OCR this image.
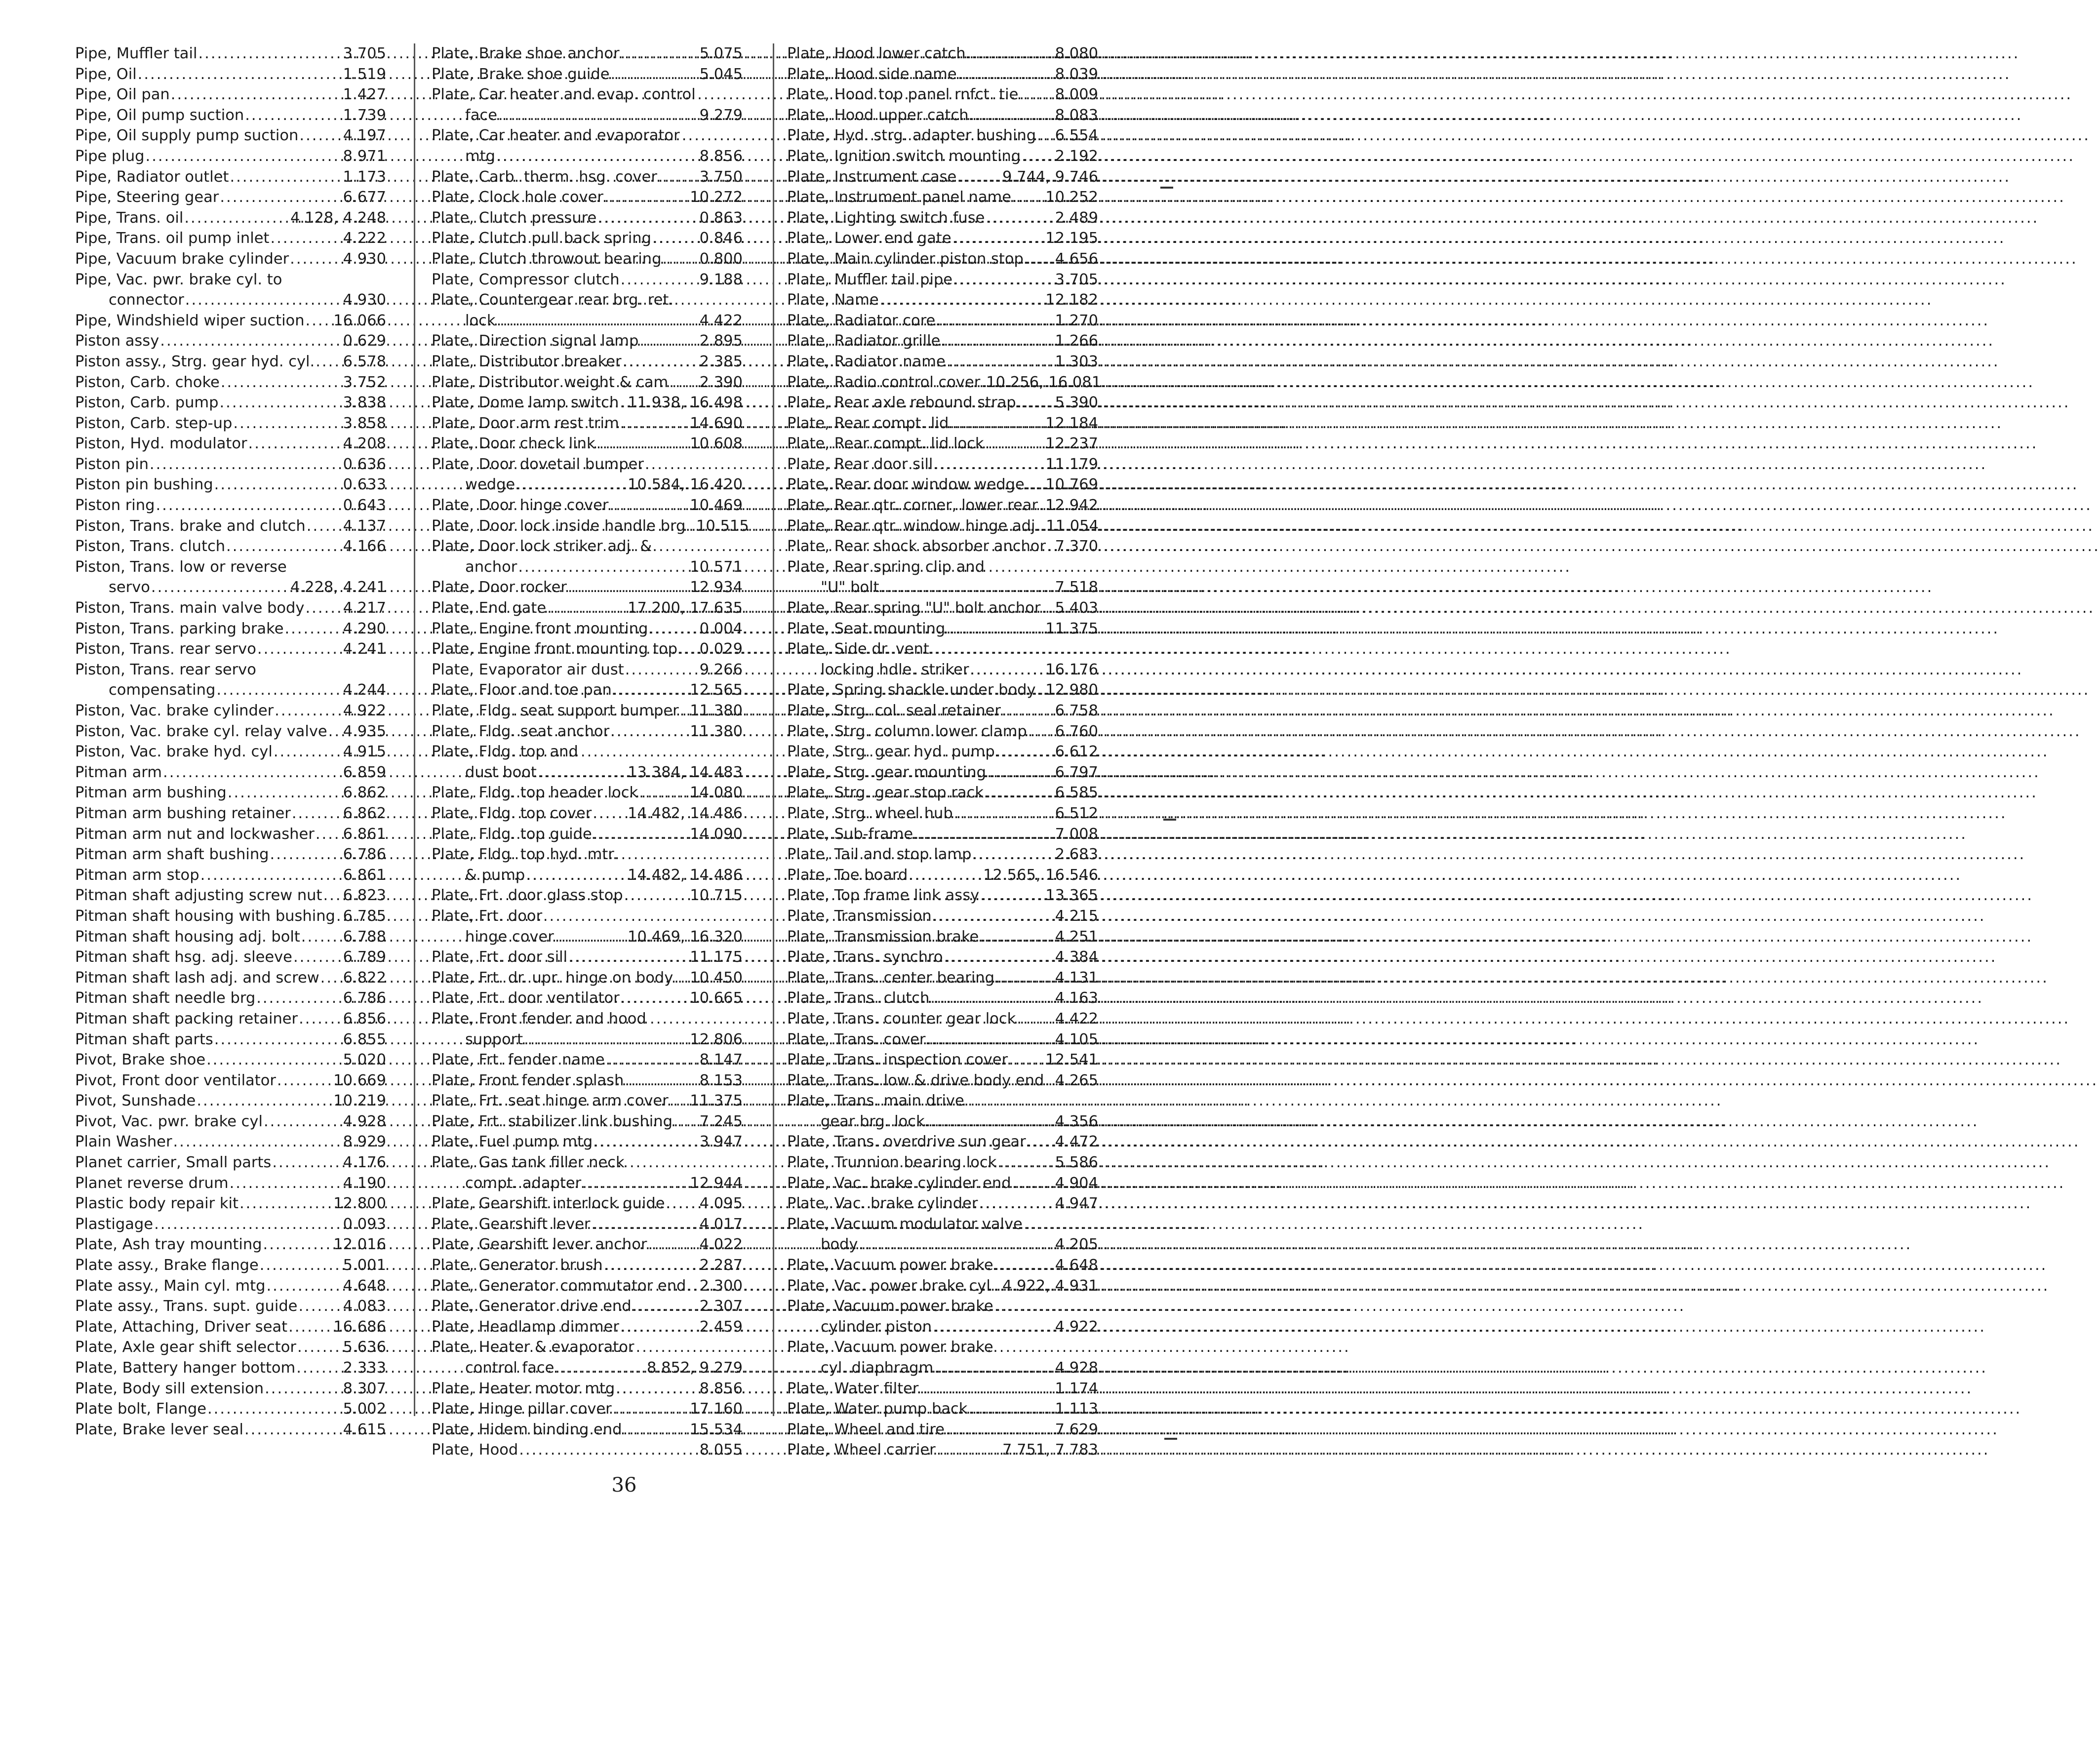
Pipe, Muffler tail .....	3.705
Pipe, Oil .....	1.519
Pipe, Oil pan .....	1.427
Pipe, Oil pump suction .....	1.739
Pipe, Oil supply pump suction .....	4.197
Pipe plug .....	8.971
Pipe, Radiator outlet .....	1.173
Pipe, Steering gear .....	6.677
Pipe, Trans. oil .....	4.128, 4.248
Pipe, Trans. oil pump inlet .....	4.222
Pipe, Vacuum brake cylinder .....	4.930
Pipe, Vac. pwr. brake cyl. to
connector .....	4.930
Pipe, Windshield wiper suction ..... 16.066
Piston assy .....	0.629
Piston assy., Strg. gear hyd. cyl. ..... 6.578
Piston, Carb. choke .....	3.752
Piston, Carb. pump .....	3.838
Piston, Carb. step-up .....	3.858
Piston, Hyd. modulator .....	4.208
Piston pin .....	0.636
Piston pin bushing .....	0.633
Piston ring .....	0.643
Piston, Trans. brake and clutch ..... 4.137
Piston, Trans. clutch .....	4.166
Piston, Trans. low or reverse
servo .....	4.228, 4.241
Piston, Trans. main valve body .....	4.217
Piston, Trans. parking brake .....	4.290
Piston, Trans. rear servo .....	4.241
Piston, Trans. rear servo
compensating .....	4.244
Piston, Vac. brake cylinder .....	4.922
Piston, Vac. brake cyl. relay valve ..... 4.935
Piston, Vac. brake hyd. cyl .....	4.915
Pitman arm .....	6.859
Pitman arm bushing .....	6.862
Pitman arm bushing retainer .....	6.862
Pitman arm nut and lockwasher ..... 6.861
Pitman arm shaft bushing .....	6.786
Pitman arm stop .....	6.861
Pitman shaft adjusting screw nut ..... 6.823
Pitman shaft housing with bushing ..... 6.785
Pitman shaft housing adj. bolt .....	6.788
Pitman shaft hsg. adj. sleeve .....	6.789
Pitman shaft lash adj. and screw ..... 6.822
Pitman shaft needle brg .....	6.786
Pitman shaft packing retainer .....	6.856
Pitman shaft parts .....	6.855
Pivot, Brake shoe .....	5.020
Pivot, Front door ventilator .....	10.669
Pivot, Sunshade .....	10.219
Pivot, Vac. pwr. brake cyl .....	4.928
Plain Washer .....	8.929
Planet carrier, Small parts .....	4.176
Planet reverse drum .....	4.190
Plastic body repair kit .....	12.800
Plastigage .....	0.093
Plate, Ash tray mounting .....	12.016
Plate assy., Brake flange .....	5.001
Plate assy., Main cyl. mtg .....	4.648
Plate assy., Trans. supt. guide .....	4.083
Plate, Attaching, Driver seat .....	16.686
Plate, Axle gear shift selector .....	5.636
Plate, Battery hanger bottom .....	2.333
Plate, Body sill extension .....	8.307
Plate bolt, Flange .....	5.002
Plate, Brake lever seal .....	4.615
Plate, Brake shoe anchor .....	5.075
Plate, Brake shoe guide .....	5.045
Plate, Car heater and evap. control
face .....	9.279
Plate, Car heater and evaporator
mtg .....	8.856
Plate, Carb. therm. hsg. cover .....	3.750
Plate, Clock hole cover .....	10.272
Plate, Clutch pressure .....	0.863
Plate, Clutch pull back spring .....	0.846
Plate, Clutch throwout bearing .....	0.800
Plate, Compressor clutch .....	9.188
Plate, Countergear rear brg. ret.
lock .....	4.422
Plate, Direction signal lamp .....	2.895
Plate, Distributor breaker .....	2.385
Plate, Distributor weight & cam ..... 2.390
Plate, Dome lamp switch ..... 11.938, 16.498
Plate, Door arm rest trim .....	14.690
Plate, Door check link .....	10.608
Plate, Door dovetail bumper
wedge .....	10.584, 16.420
Plate, Door hinge cover .....	10.469
Plate, Door lock inside handle brg. ..... 10.515
Plate, Door lock striker adj. &
anchor .....	10.571
Plate, Door rocker .....	12.934
Plate, End gate .....	17.200, 17.635
Plate, Engine front mounting .....	0.004
Plate, Engine front mounting top ..... 0.029
Plate, Evaporator air dust .....	9.266
Plate, Floor and toe pan .....	12.565
Plate, Fldg. seat support bumper ..... 11.380
Plate, Fldg. seat anchor .....	11.380
Plate, Fldg. top and
dust boot .....	13.384, 14.483
Plate, Fldg. top header lock .....	14.080
Plate, Fldg. top cover ..... 14.482, 14.486
Plate, Fldg. top guide .....	14.090
Plate, Fldg. top hyd. mtr.
& pump .....	14.482, 14.486
Plate, Frt. door glass stop .....	10.715
Plate, Frt. door
hinge cover .....	10.469, 16.320
Plate, Frt. door sill .....	11.175
Plate, Frt. dr. upr. hinge on body ..... 10.450
Plate, Frt. door ventilator .....	10.665
Plate, Front fender and hood
support .....	12.806
Plate, Frt. fender name .....	8.147
Plate, Front fender splash .....	8.153
Plate, Frt. seat hinge arm cover ..... 11.375
Plate, Frt. stabilizer link bushing ..... 7.245
Plate, Fuel pump mtg .....	3.947
Plate, Gas tank filler neck
compt. adapter .....	12.944
Plate, Gearshift interlock guide ..... 4.095
Plate, Gearshift lever .....	4.017
Plate, Gearshift lever anchor .....	4.022
Plate, Generator brush .....	2.287
Plate, Generator commutator end ..... 2.300
Plate, Generator drive end .....	2.307
Plate, Headlamp dimmer .....	2.459
Plate, Heater & evaporator
control face .....	8.852, 9.279
Plate, Heater motor mtg .....	8.856
Plate, Hinge pillar cover .....	17.160
Plate, Hidem binding end .....	15.534
Plate, Hood .....	8.055
Plate, Hood lower catch .....	8.080
Plate, Hood side name .....	8.039
Plate, Hood top panel rnfct. tie ..... 8.009
Plate, Hood upper catch .....	8.083
Plate, Hyd. strg. adapter bushing ..... 6.554
Plate, Ignition switch mounting ..... 2.192
Plate, Instrument case .....	9.744, 9.746
Plate, Instrument panel name ..... 10.252
Plate, Lighting switch fuse .....	2.489
Plate, Lower end gate .....	12.195
Plate, Main cylinder piston stop ..... 4.656
Plate, Muffler tail pipe .....	3.705
Plate, Name .....	12.182
Plate, Radiator core .....	1.270
Plate, Radiator grille .....	1.266
Plate, Radiator name .....	1.303
Plate, Radio control cover ..... 10.256, 16.081
Plate, Rear axle rebound strap .....	5.390
Plate, Rear compt. lid .....	12.184
Plate, Rear compt. lid lock .....	12.237
Plate, Rear door sill .....	11.179
Plate, Rear door window wedge ..... 10.769
Plate, Rear qtr. corner, lower rear ..... 12.942
Plate, Rear qtr. window hinge adj. ..... 11.054
Plate, Rear shock absorber anchor ..... 7.370
Plate, Rear spring clip and
"U" bolt .....	7.518
Plate, Rear spring "U" bolt anchor ..... 5.403
Plate, Seat mounting .....	11.375
Plate, Side dr. vent.
locking hdle. striker .....	16.176
Plate, Spring shackle under body ..... 12.980
Plate, Strg. col. seal retainer .....	6.758
Plate, Strg. column lower clamp ..... 6.760
Plate, Strg. gear hyd. pump .....	6.612
Plate, Strg. gear mounting .....	6.797
Plate, Strg. gear stop rack .....	6.585
Plate, Strg. wheel hub .....	6.512
Plate, Sub-frame .....	7.008
Plate, Tail and stop lamp .....	2.683
Plate, Toe board .....	12.565, 16.546
Plate, Top frame link assy .....	13.365
Plate, Transmission .....	4.215
Plate, Transmission brake .....	4.251
Plate, Trans. synchro .....	4.384
Plate, Trans. center bearing .....	4.131
Plate, Trans. clutch .....	4.163
Plate, Trans. counter gear lock .....	4.422
Plate, Trans. cover .....	4.105
Plate, Trans. inspection cover ..... 12.541
Plate, Trans. low & drive body end ..... 4.265
Plate, Trans. main drive
gear brg. lock .....	4.356
Plate, Trans. overdrive sun gear ..... 4.472
Plate, Trunnion bearing lock .....	5.586
Plate, Vac. brake cylinder end .....	4.904
Plate, Vac. brake cylinder .....	4.947
Plate, Vacuum modulator valve
body .....	4.205
Plate, Vacuum power brake .....	4.648
Plate, Vac. power brake cyl. ..... 4.922, 4.931
Plate, Vacuum power brake
cylinder piston .....	4.922
Plate, Vacuum power brake
cyl. diaphragm .....	4.928
Plate, Water filter .....	1.174
Plate, Water pump back .....	1.113
Plate, Wheel and tire .....	7.629
Plate, Wheel carrier .....	7.751, 7.783
36
